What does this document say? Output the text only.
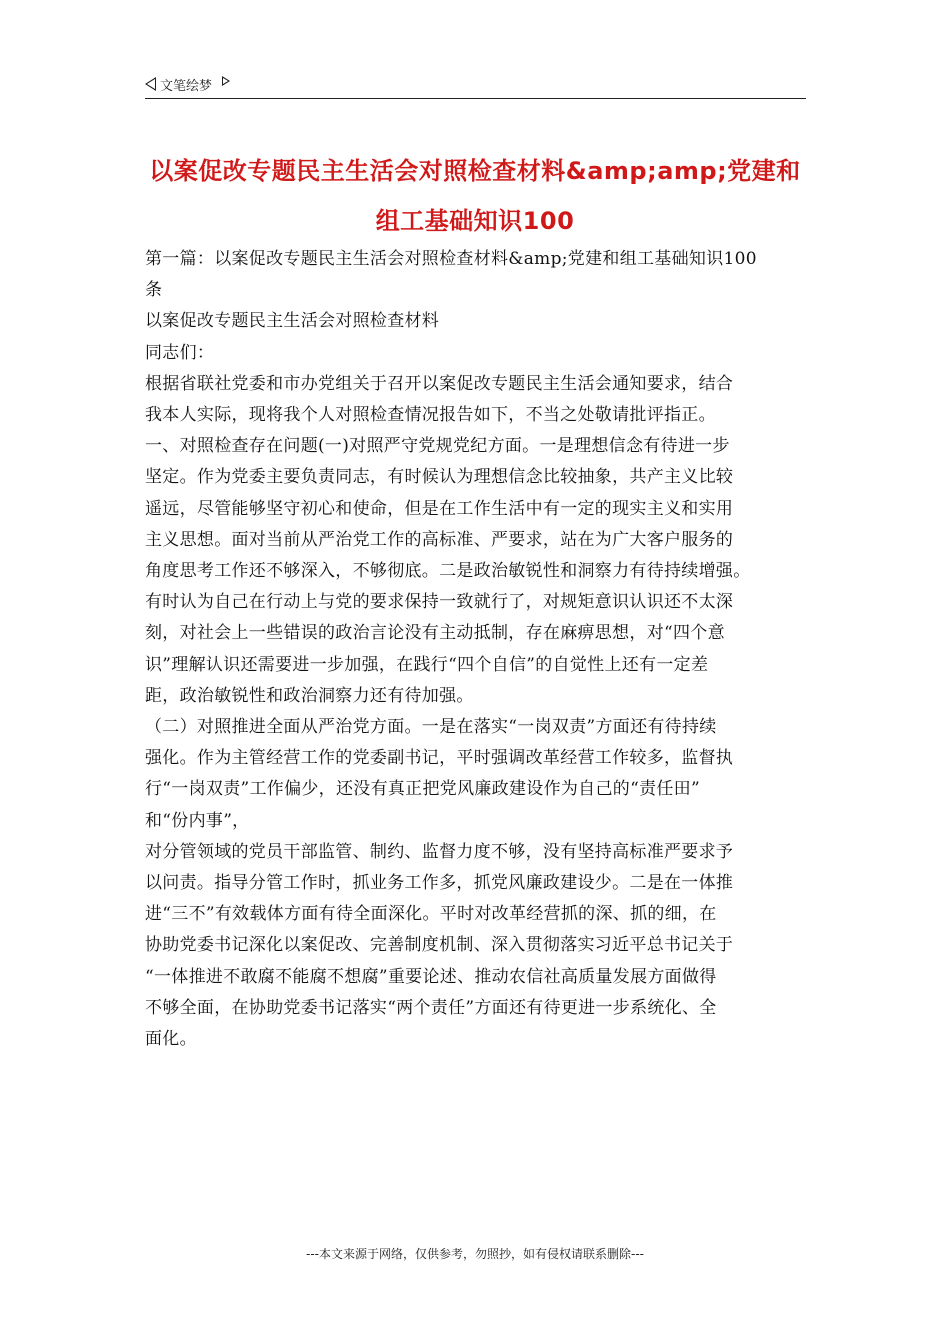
文笔绘梦
以案促改专题民主生活会对照检查材料&amp;amp;党建和组工基础知识100

第一篇：以案促改专题民主生活会对照检查材料&amp;党建和组工基础知识100

条

以案促改专题民主生活会对照检查材料

同志们：

根据省联社党委和市办党组关于召开以案促改专题民主生活会通知要求，结合

我本人实际，现将我个人对照检查情况报告如下，不当之处敬请批评指正。

一、对照检查存在问题(一)对照严守党规党纪方面。一是理想信念有待进一步

坚定。作为党委主要负责同志，有时候认为理想信念比较抽象，共产主义比较

遥远，尽管能够坚守初心和使命，但是在工作生活中有一定的现实主义和实用

主义思想。面对当前从严治党工作的高标准、严要求，站在为广大客户服务的

角度思考工作还不够深入，不够彻底。二是政治敏锐性和洞察力有待持续增强。

有时认为自己在行动上与党的要求保持一致就行了，对规矩意识认识还不太深

刻，对社会上一些错误的政治言论没有主动抵制，存在麻痹思想，对“四个意

识”理解认识还需要进一步加强，在践行“四个自信”的自觉性上还有一定差

距，政治敏锐性和政治洞察力还有待加强。

（二）对照推进全面从严治党方面。一是在落实“一岗双责”方面还有待持续

强化。作为主管经营工作的党委副书记，平时强调改革经营工作较多，监督执

行“一岗双责”工作偏少，还没有真正把党风廉政建设作为自己的“责任田”

和“份内事”，

对分管领域的党员干部监管、制约、监督力度不够，没有坚持高标准严要求予

以问责。指导分管工作时，抓业务工作多，抓党风廉政建设少。二是在一体推

进“三不”有效载体方面有待全面深化。平时对改革经营抓的深、抓的细，在

协助党委书记深化以案促改、完善制度机制、深入贯彻落实习近平总书记关于

“一体推进不敢腐不能腐不想腐”重要论述、推动农信社高质量发展方面做得

不够全面，在协助党委书记落实“两个责任”方面还有待更进一步系统化、全

面化。

---本文来源于网络，仅供参考，勿照抄，如有侵权请联系删除---
